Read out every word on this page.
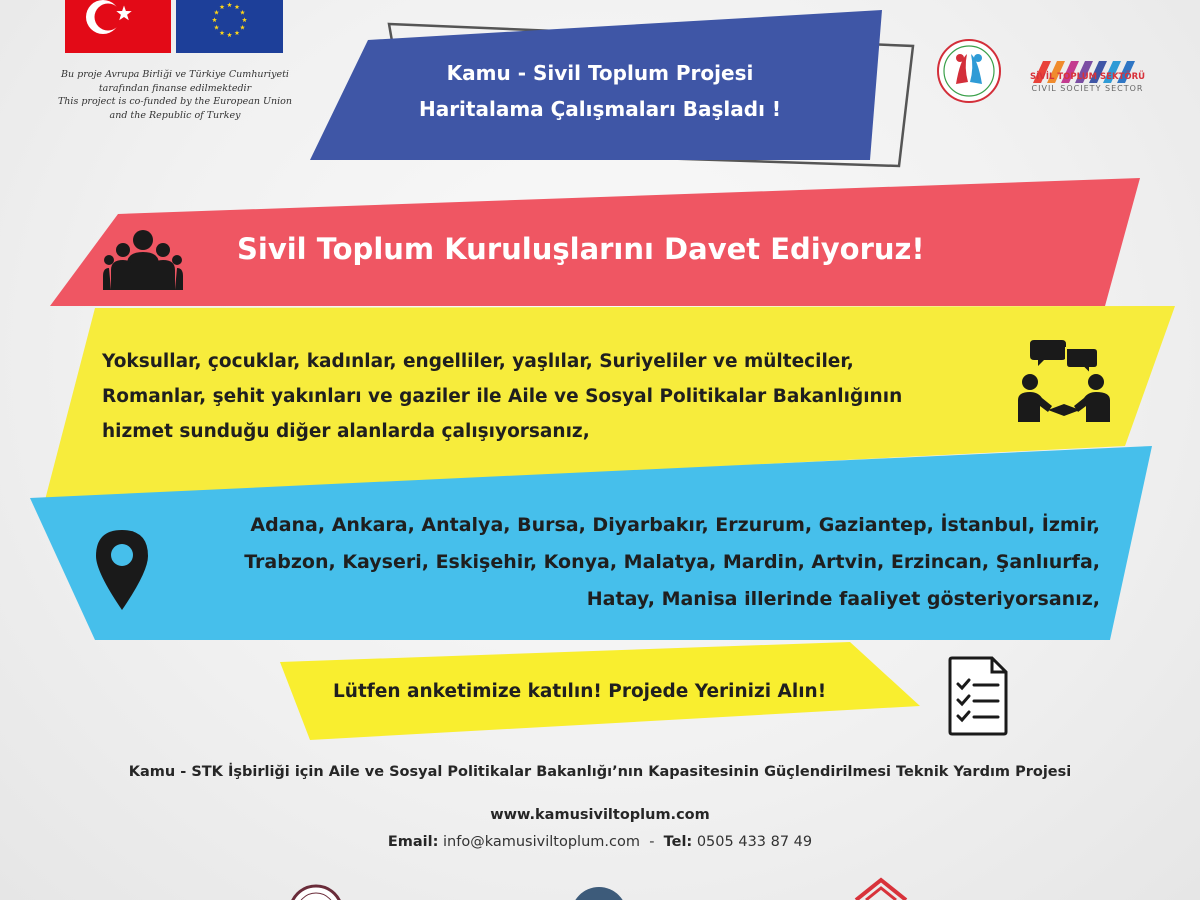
Bu proje Avrupa Birliği ve Türkiye Cumhuriyeti
tarafından finanse edilmektedir
This project is co-funded by the European Union
and the Republic of Turkey
Kamu - Sivil Toplum Projesi
Haritalama Çalışmaları Başladı !
SİVİL TOPLUM SEKTÖRÜ
CIVIL SOCIETY SECTOR
Sivil Toplum Kuruluşlarını Davet Ediyoruz!
Yoksullar, çocuklar, kadınlar, engelliler, yaşlılar, Suriyeliler ve mülteciler,
Romanlar, şehit yakınları ve gaziler ile Aile ve Sosyal Politikalar Bakanlığının
hizmet sunduğu diğer alanlarda çalışıyorsanız,
Adana, Ankara, Antalya, Bursa, Diyarbakır, Erzurum, Gaziantep, İstanbul, İzmir,
Trabzon, Kayseri, Eskişehir, Konya, Malatya, Mardin, Artvin, Erzincan, Şanlıurfa,
Hatay, Manisa illerinde faaliyet gösteriyorsanız,
Lütfen anketimize katılın! Projede Yerinizi Alın!
Kamu - STK İşbirliği için Aile ve Sosyal Politikalar Bakanlığı’nın Kapasitesinin Güçlendirilmesi Teknik Yardım Projesi
www.kamusiviltoplum.com
Email: info@kamusiviltoplum.com - Tel: 0505 433 87 49
